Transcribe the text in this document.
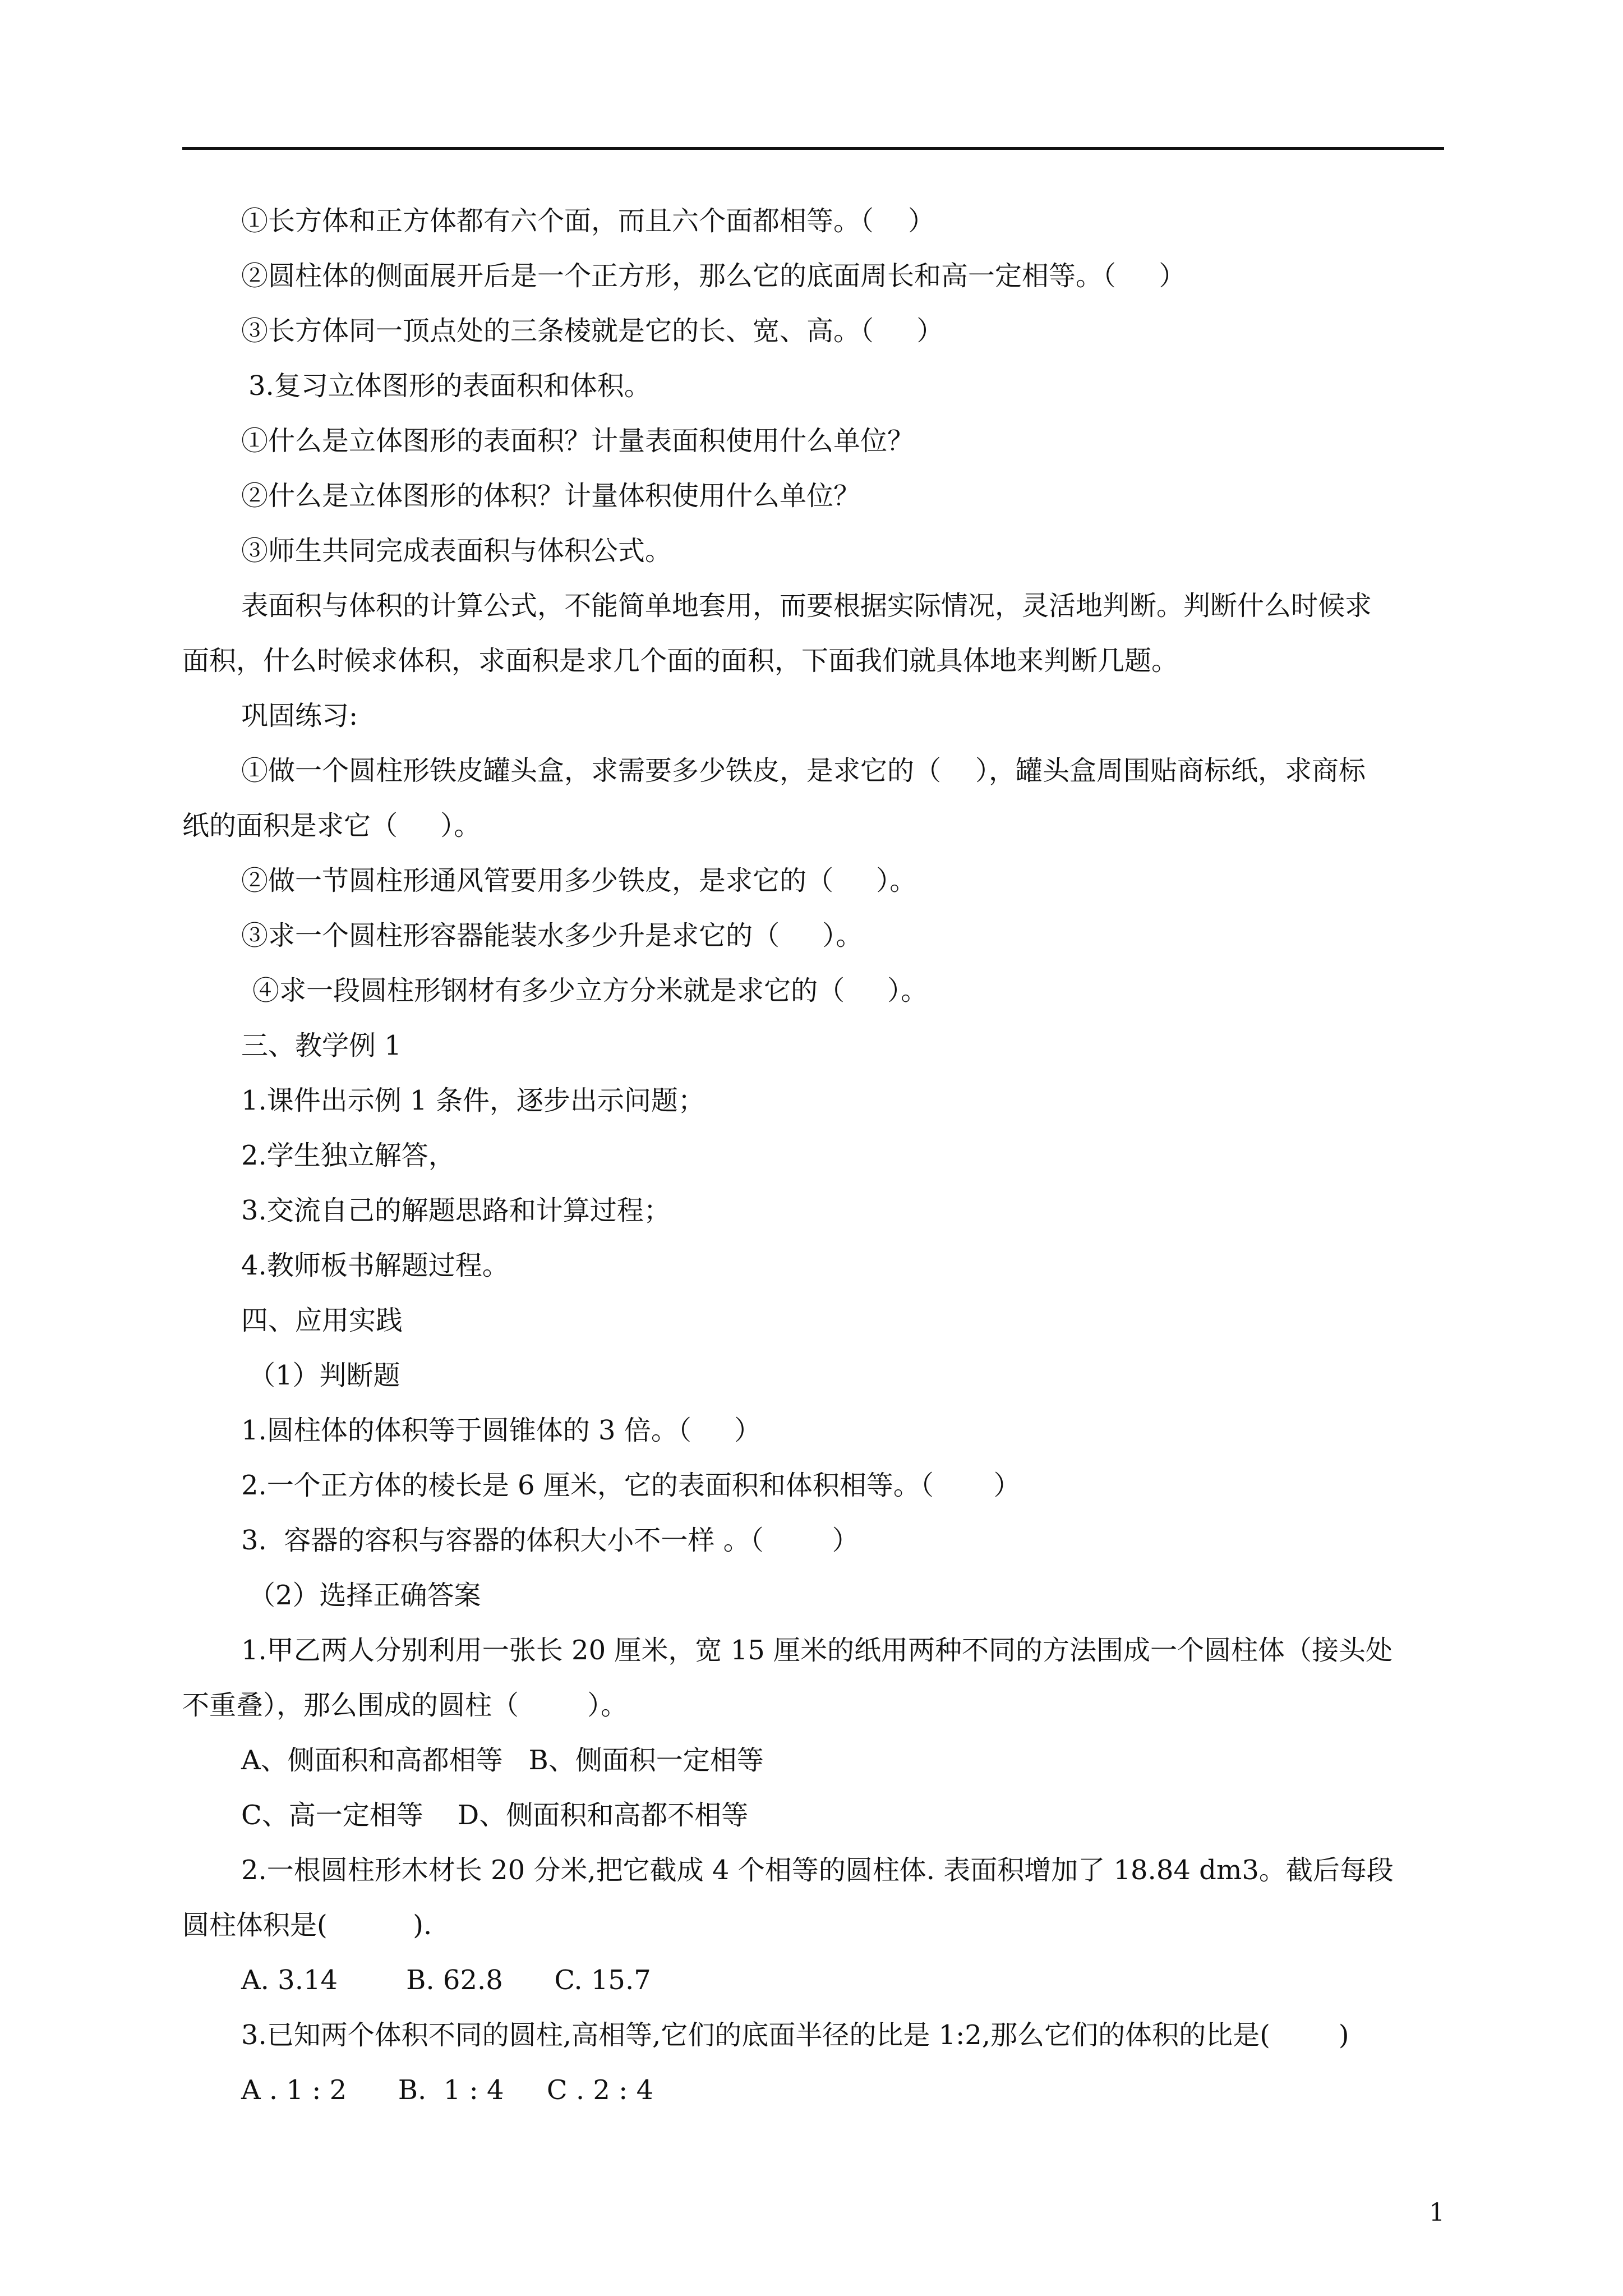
①长方体和正方体都有六个面，而且六个面都相等。（    ）

②圆柱体的侧面展开后是一个正方形，那么它的底面周长和高一定相等。（     ）

③长方体同一顶点处的三条棱就是它的长、宽、高。（     ）

3.复习立体图形的表面积和体积。

①什么是立体图形的表面积？计量表面积使用什么单位？

②什么是立体图形的体积？计量体积使用什么单位？

③师生共同完成表面积与体积公式。

表面积与体积的计算公式，不能简单地套用，而要根据实际情况，灵活地判断。判断什么时候求

面积，什么时候求体积，求面积是求几个面的面积，下面我们就具体地来判断几题。

巩固练习:

①做一个圆柱形铁皮罐头盒，求需要多少铁皮，是求它的（    ），罐头盒周围贴商标纸，求商标

纸的面积是求它（     ）。

②做一节圆柱形通风管要用多少铁皮，是求它的（     ）。

③求一个圆柱形容器能装水多少升是求它的（     ）。

④求一段圆柱形钢材有多少立方分米就是求它的（     ）。

三、教学例 1

1.课件出示例 1 条件，逐步出示问题；

2.学生独立解答，

3.交流自己的解题思路和计算过程；

4.教师板书解题过程。

四、应用实践

（1）判断题

1.圆柱体的体积等于圆锥体的 3 倍。（     ）

2.一个正方体的棱长是 6 厘米，它的表面积和体积相等。（       ）

3.  容器的容积与容器的体积大小不一样 。（        ）

（2）选择正确答案

1.甲乙两人分别利用一张长 20 厘米，宽 15 厘米的纸用两种不同的方法围成一个圆柱体（接头处

不重叠），那么围成的圆柱（        ）。

A、侧面积和高都相等   B、侧面积一定相等

C、高一定相等    D、侧面积和高都不相等

2.一根圆柱形木材长 20 分米,把它截成 4 个相等的圆柱体. 表面积增加了 18.84 dm3。截后每段

圆柱体积是(          ).

A. 3.14        B. 62.8      C. 15.7

3.已知两个体积不同的圆柱,高相等,它们的底面半径的比是 1:2,那么它们的体积的比是(        )

A . 1 : 2      B.  1 : 4     C . 2 : 4

1
